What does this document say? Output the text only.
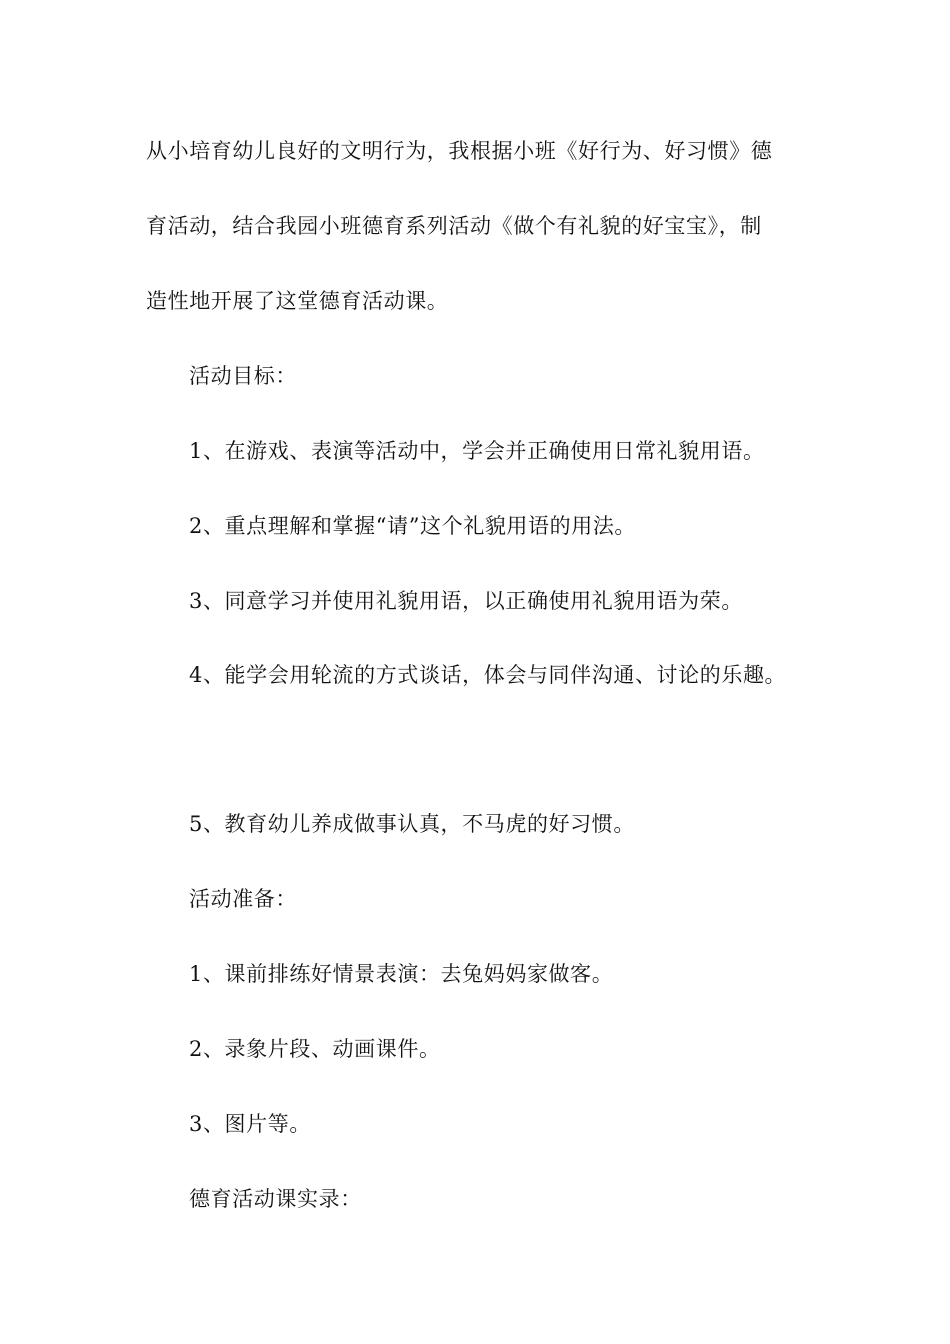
从小培育幼儿良好的文明行为，我根据小班《好行为、好习惯》德
育活动，结合我园小班德育系列活动《做个有礼貌的好宝宝》，制
造性地开展了这堂德育活动课。
活动目标：
1、在游戏、表演等活动中，学会并正确使用日常礼貌用语。
2、重点理解和掌握“请”这个礼貌用语的用法。
3、同意学习并使用礼貌用语，以正确使用礼貌用语为荣。
4、能学会用轮流的方式谈话，体会与同伴沟通、讨论的乐趣。
5、教育幼儿养成做事认真，不马虎的好习惯。
活动准备：
1、课前排练好情景表演：去兔妈妈家做客。
2、录象片段、动画课件。
3、图片等。
德育活动课实录：
